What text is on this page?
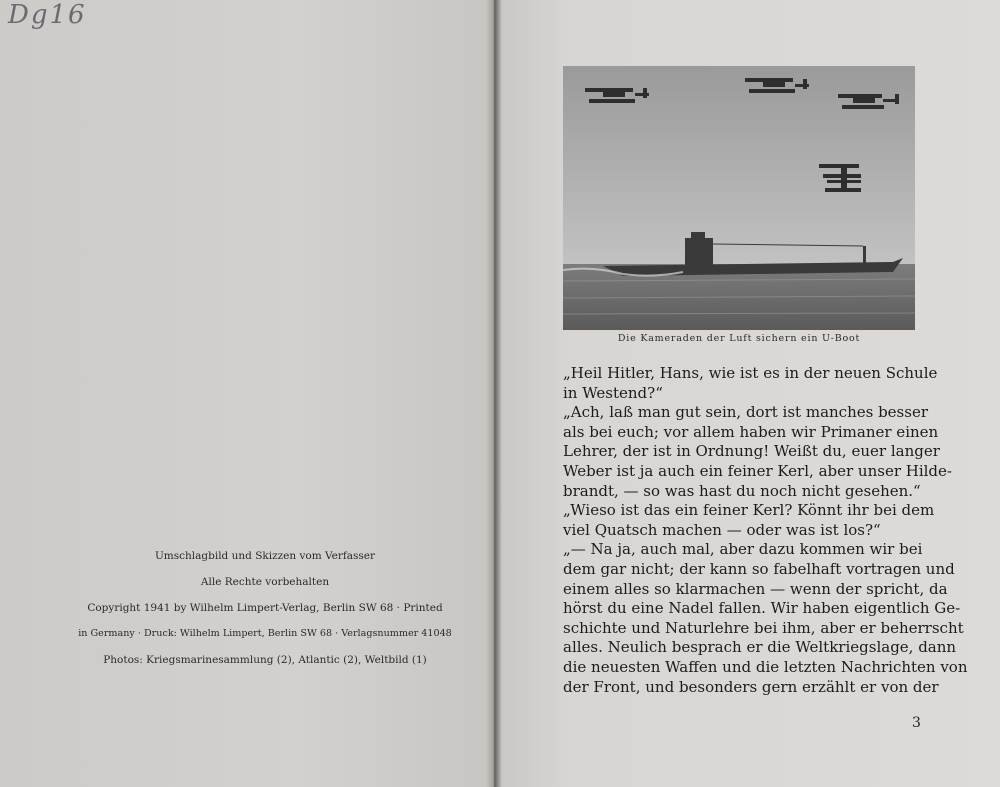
Dg16
Umschlagbild und Skizzen vom Verfasser
Alle Rechte vorbehalten
Copyright 1941 by Wilhelm Limpert-Verlag, Berlin SW 68 · Printed
in Germany · Druck: Wilhelm Limpert, Berlin SW 68 · Verlagsnummer 41048
Photos: Kriegsmarinesammlung (2), Atlantic (2), Weltbild (1)
Die Kameraden der Luft sichern ein U-Boot
„Heil Hitler, Hans, wie ist es in der neuen Schule
in Westend?“
„Ach, laß man gut sein, dort ist manches besser
als bei euch; vor allem haben wir Primaner einen
Lehrer, der ist in Ordnung! Weißt du, euer langer
Weber ist ja auch ein feiner Kerl, aber unser Hilde-
brandt, — so was hast du noch nicht gesehen.“
„Wieso ist das ein feiner Kerl? Könnt ihr bei dem
viel Quatsch machen — oder was ist los?“
„— Na ja, auch mal, aber dazu kommen wir bei
dem gar nicht; der kann so fabelhaft vortragen und
einem alles so klarmachen — wenn der spricht, da
hörst du eine Nadel fallen. Wir haben eigentlich Ge-
schichte und Naturlehre bei ihm, aber er beherrscht
alles. Neulich besprach er die Weltkriegslage, dann
die neuesten Waffen und die letzten Nachrichten von
der Front, und besonders gern erzählt er von der
3
